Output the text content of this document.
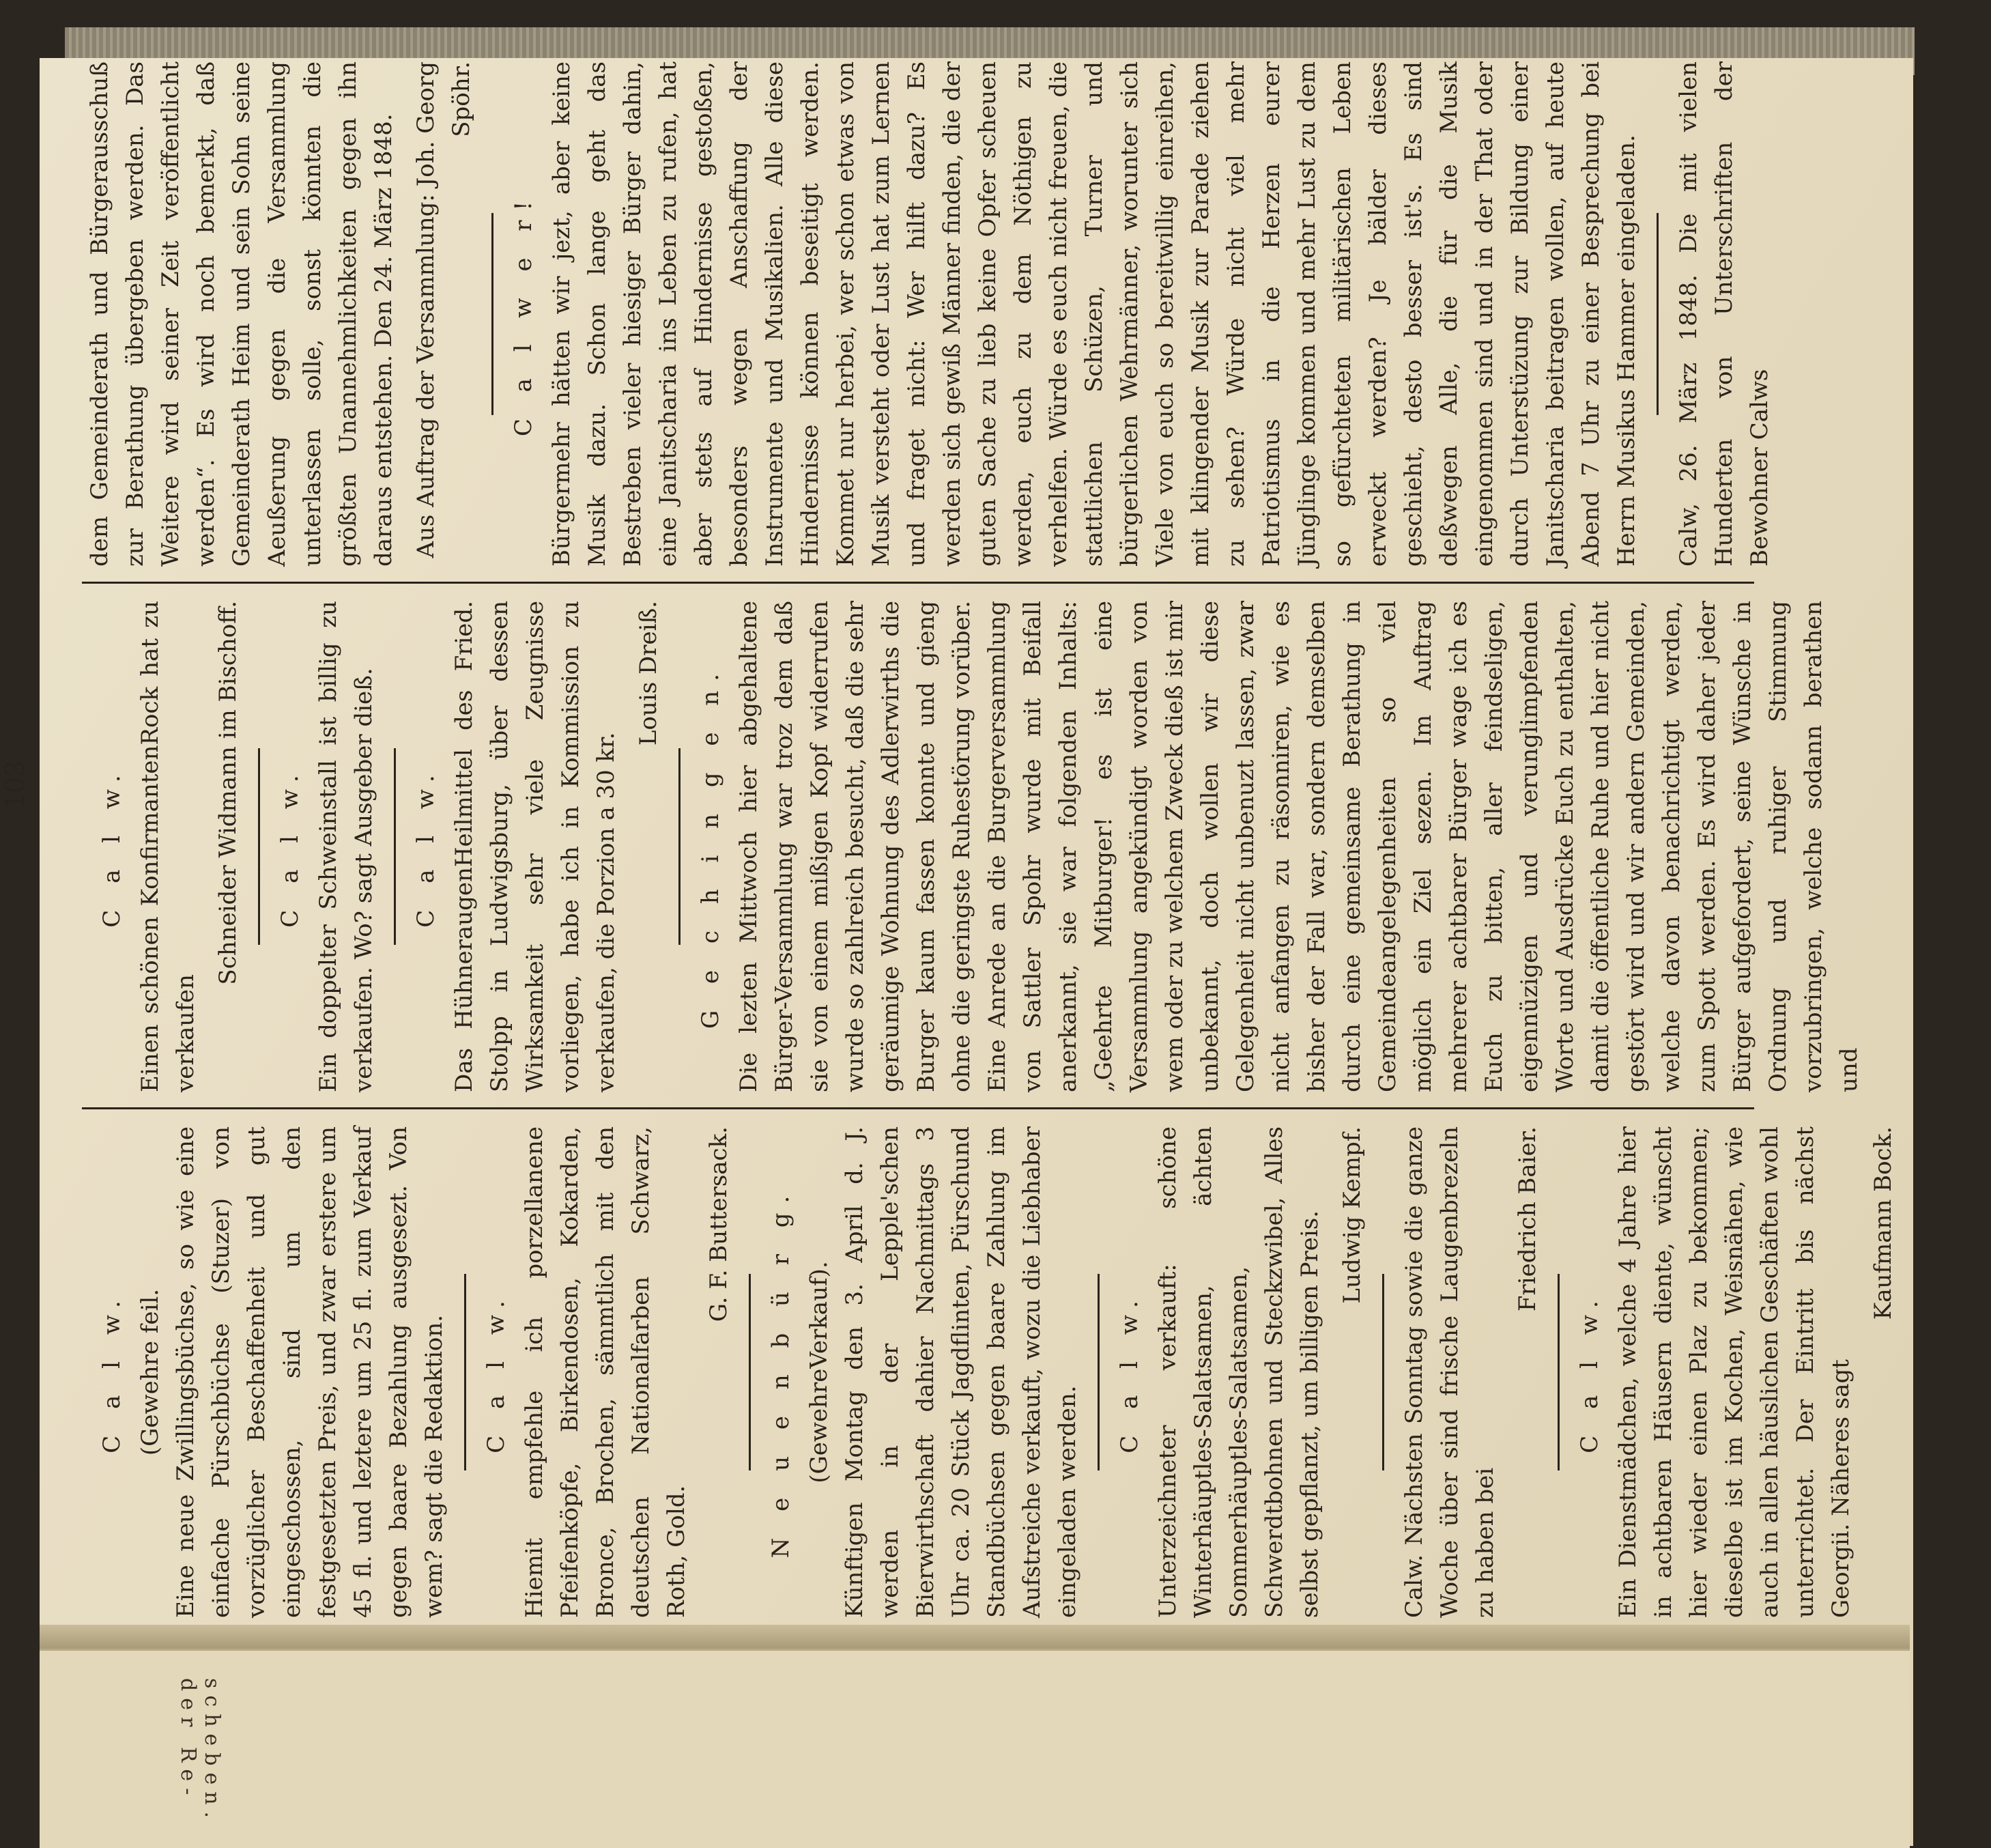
scheben. der Re-
103
C a l w. (Gewehre feil. Eine neue Zwillingsbüchse, so wie eine einfache Pürschbüchse (Stuzer) von vorzüglicher Beschaffenheit und gut eingeschossen, sind um den festgesetzten Preis, und zwar erstere um 45 fl. und leztere um 25 fl. zum Verkauf gegen baare Bezahlung ausgesezt. Von wem? sagt die Redaktion. C a l w. Hiemit empfehle ich porzellanene Pfeifenköpfe, Birkendosen, Kokarden, Bronce, Brochen, sämmtlich mit den deutschen Nationalfarben Schwarz, Roth, Gold.

G. F. Buttersack. N e u e n b ü r g. (GewehreVerkauf). Künftigen Montag den 3. April d. J. werden in der Lepple'schen Bierwirthschaft dahier Nachmittags 3 Uhr ca. 20 Stück Jagdflinten, Pürschund Standbüchsen gegen baare Zahlung im Aufstreiche verkauft, wozu die Liebhaber eingeladen werden.

C a l w. Unterzeichneter verkauft: schöne Winterhäuptles-Salatsamen, ächten Sommerhäuptles-Salatsamen, Schwerdtbohnen und Steckzwibel, Alles selbst gepflanzt, um billigen Preis. Ludwig Kempf. Calw. Nächsten Sonntag sowie die ganze Woche über sind frische Laugenbrezeln zu haben bei

Friedrich Baier.
C a l w. Ein Dienstmädchen, welche 4 Jahre hier in achtbaren Häusern diente, wünscht hier wieder einen Plaz zu bekommen; dieselbe ist im Kochen, Weisnähen, wie auch in allen häuslichen Geschäften wohl unterrichtet. Der Eintritt bis nächst Georgii. Näheres sagt

Kaufmann Bock.
C a l w. Einen schönen KonfirmantenRock hat zu verkaufen

Schneider Widmann im Bischoff. C a l w. Ein doppelter Schweinstall ist billig zu verkaufen. Wo? sagt Ausgeber dieß. C a l w. Das HühneraugenHeilmittel des Fried. Stolpp in Ludwigsburg, über dessen Wirksamkeit sehr viele Zeugnisse vorliegen, habe ich in Kommission zu verkaufen, die Porzion a 30 kr.

Louis Dreiß. G e c h i n g e n. Die lezten Mittwoch hier abgehaltene Bürger-Versammlung war troz dem daß sie von einem mißigen Kopf widerrufen wurde so zahlreich besucht, daß die sehr geräumige Wohnung des Adlerwirths die Burger kaum fassen konnte und gieng ohne die geringste Ruhestörung vorüber. Eine Anrede an die Burgerversammlung von Sattler Spohr wurde mit Beifall anerkannt, sie war folgenden Inhalts: „Geehrte Mitburger! es ist eine Versammlung angekündigt worden von wem oder zu welchem Zweck dieß ist mir unbekannt, doch wollen wir diese Gelegenheit nicht unbenuzt lassen, zwar nicht anfangen zu räsonniren, wie es bisher der Fall war, sondern demselben durch eine gemeinsame Berathung in Gemeindeangelegenheiten so viel möglich ein Ziel sezen. Im Auftrag mehrerer achtbarer Bürger wage ich es Euch zu bitten, aller feindseligen, eigennüzigen und verunglimpfenden Worte und Ausdrücke Euch zu enthalten, damit die öffentliche Ruhe und hier nicht gestört wird und wir andern Gemeinden, welche davon benachrichtigt werden, zum Spott werden. Es wird daher jeder Bürger aufgefordert, seine Wünsche in Ordnung und ruhiger Stimmung vorzubringen, welche sodann berathen und

dem Gemeinderath und Bürgerausschuß zur Berathung übergeben werden. Das Weitere wird seiner Zeit veröffentlicht werden“. Es wird noch bemerkt, daß Gemeinderath Heim und sein Sohn seine Aeußerung gegen die Versammlung unterlassen solle, sonst könnten die größten Unannehmlichkeiten gegen ihn daraus entstehen. Den 24. März 1848. Aus Auftrag der Versammlung: Joh. Georg Spöhr.
C a l w e r! Bürgermehr hätten wir jezt, aber keine Musik dazu. Schon lange geht das Bestreben vieler hiesiger Bürger dahin, eine Janitscharia ins Leben zu rufen, hat aber stets auf Hindernisse gestoßen, besonders wegen Anschaffung der Instrumente und Musikalien. Alle diese Hindernisse können beseitigt werden. Kommet nur herbei, wer schon etwas von Musik versteht oder Lust hat zum Lernen und fraget nicht: Wer hilft dazu? Es werden sich gewiß Männer finden, die der guten Sache zu lieb keine Opfer scheuen werden, euch zu dem Nöthigen zu verhelfen. Würde es euch nicht freuen, die stattlichen Schüzen, Turner und bürgerlichen Wehrmänner, worunter sich Viele von euch so bereitwillig einreihen, mit klingender Musik zur Parade ziehen zu sehen? Würde nicht viel mehr Patriotismus in die Herzen eurer Jünglinge kommen und mehr Lust zu dem so gefürchteten militärischen Leben erweckt werden? Je bälder dieses geschieht, desto besser ist's. Es sind deßwegen Alle, die für die Musik eingenommen sind und in der That oder durch Unterstüzung zur Bildung einer Janitscharia beitragen wollen, auf heute Abend 7 Uhr zu einer Besprechung bei Herrn Musikus Hammer eingeladen. Calw, 26. März 1848. Die mit vielen Hunderten von Unterschriften der Bewohner Calws
